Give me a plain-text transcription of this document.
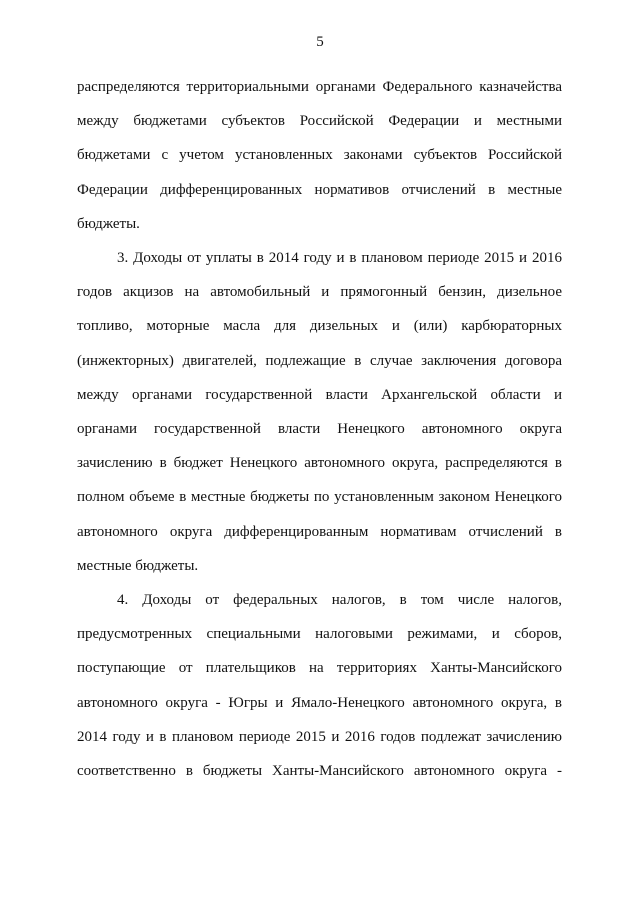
5
распределяются территориальными органами Федерального казначейства
между бюджетами субъектов Российской Федерации и местными
бюджетами с учетом установленных законами субъектов Российской
Федерации дифференцированных нормативов отчислений в местные
бюджеты.
3. Доходы от уплаты в 2014 году и в плановом периоде 2015 и 2016
годов акцизов на автомобильный и прямогонный бензин, дизельное
топливо, моторные масла для дизельных и (или) карбюраторных
(инжекторных) двигателей, подлежащие в случае заключения договора
между органами государственной власти Архангельской области и
органами государственной власти Ненецкого автономного округа
зачислению в бюджет Ненецкого автономного округа, распределяются в
полном объеме в местные бюджеты по установленным законом Ненецкого
автономного округа дифференцированным нормативам отчислений в
местные бюджеты.
4. Доходы от федеральных налогов, в том числе налогов,
предусмотренных специальными налоговыми режимами, и сборов,
поступающие от плательщиков на территориях Ханты-Мансийского
автономного округа - Югры и Ямало-Ненецкого автономного округа, в
2014 году и в плановом периоде 2015 и 2016 годов подлежат зачислению
соответственно в бюджеты Ханты-Мансийского автономного округа -
